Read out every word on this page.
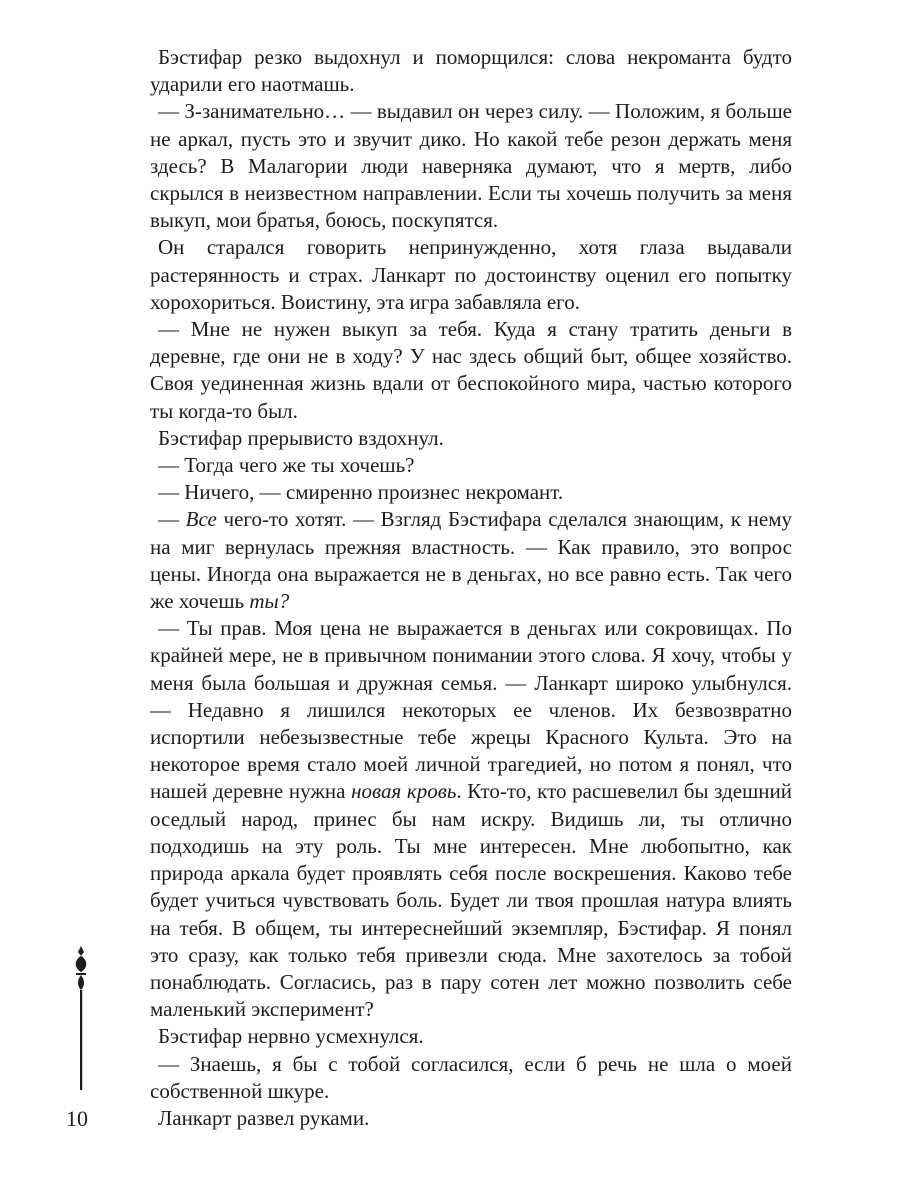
Бэстифар резко выдохнул и поморщился: слова некроманта будто ударили его наотмашь.

— З-занимательно… — выдавил он через силу. — Положим, я больше не аркал, пусть это и звучит дико. Но какой тебе резон держать меня здесь? В Малагории люди наверняка думают, что я мертв, либо скрылся в неизвестном направлении. Если ты хочешь получить за меня выкуп, мои братья, боюсь, поскупятся.

Он старался говорить непринужденно, хотя глаза выдавали растерянность и страх. Ланкарт по достоинству оценил его попытку хорохориться. Воистину, эта игра забавляла его.

— Мне не нужен выкуп за тебя. Куда я стану тратить деньги в деревне, где они не в ходу? У нас здесь общий быт, общее хозяйство. Своя уединенная жизнь вдали от беспокойного мира, частью которого ты когда-то был.

Бэстифар прерывисто вздохнул.

— Тогда чего же ты хочешь?

— Ничего, — смиренно произнес некромант.

— Все чего-то хотят. — Взгляд Бэстифара сделался знающим, к нему на миг вернулась прежняя властность. — Как правило, это вопрос цены. Иногда она выражается не в деньгах, но все равно есть. Так чего же хочешь ты?

— Ты прав. Моя цена не выражается в деньгах или сокровищах. По крайней мере, не в привычном понимании этого слова. Я хочу, чтобы у меня была большая и дружная семья. — Ланкарт широко улыбнулся. — Недавно я лишился некоторых ее членов. Их безвозвратно испортили небезызвестные тебе жрецы Красного Культа. Это на некоторое время стало моей личной трагедией, но потом я понял, что нашей деревне нужна новая кровь. Кто-то, кто расшевелил бы здешний оседлый народ, принес бы нам искру. Видишь ли, ты отлично подходишь на эту роль. Ты мне интересен. Мне любопытно, как природа аркала будет проявлять себя после воскрешения. Каково тебе будет учиться чувствовать боль. Будет ли твоя прошлая натура влиять на тебя. В общем, ты интереснейший экземпляр, Бэстифар. Я понял это сразу, как только тебя привезли сюда. Мне захотелось за тобой понаблюдать. Согласись, раз в пару сотен лет можно позволить себе маленький эксперимент?

Бэстифар нервно усмехнулся.

— Знаешь, я бы с тобой согласился, если б речь не шла о моей собственной шкуре.

Ланкарт развел руками.

10
